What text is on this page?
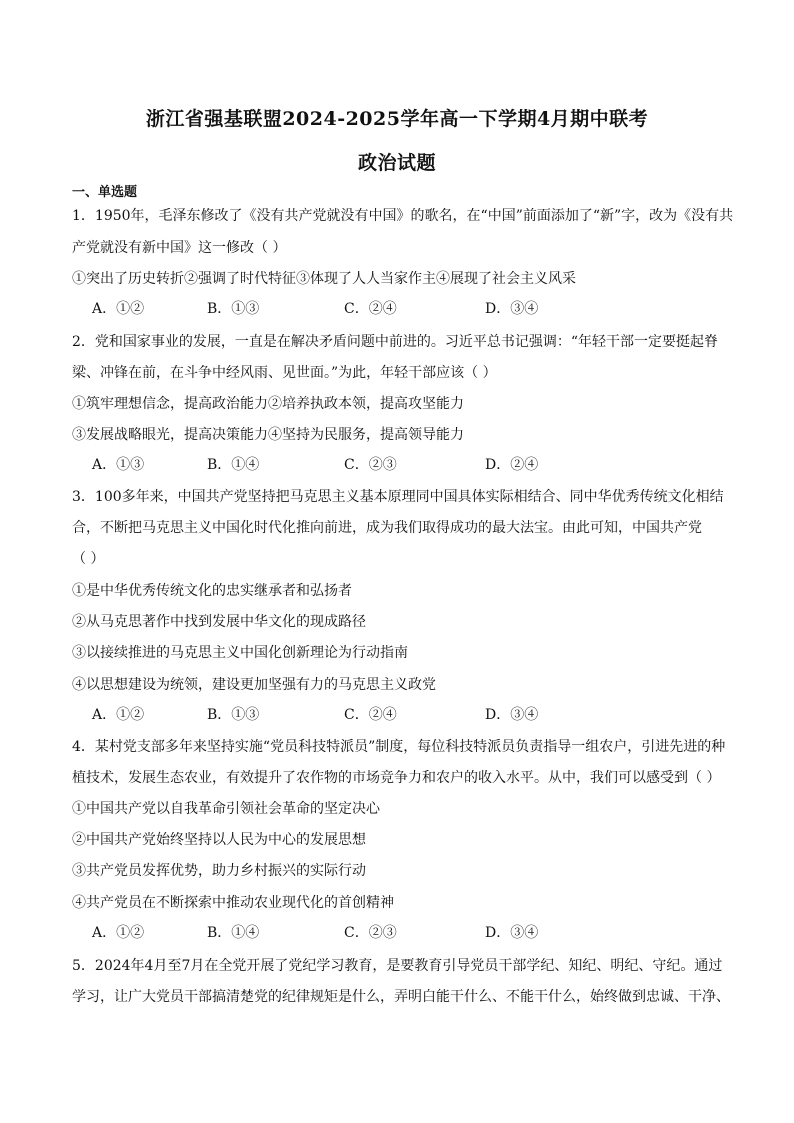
浙江省强基联盟2024-2025学年高一下学期4月期中联考
政治试题
一、单选题
1．1950年，毛泽东修改了《没有共产党就没有中国》的歌名，在“中国”前面添加了“新”字，改为《没有共
产党就没有新中国》这一修改（ ）
①突出了历史转折②强调了时代特征③体现了人人当家作主④展现了社会主义风采
A．①②	B．①③	C．②④	D．③④
2．党和国家事业的发展，一直是在解决矛盾问题中前进的。习近平总书记强调：“年轻干部一定要挺起脊
梁、冲锋在前，在斗争中经风雨、见世面。”为此，年轻干部应该（ ）
①筑牢理想信念，提高政治能力②培养执政本领，提高攻坚能力
③发展战略眼光，提高决策能力④坚持为民服务，提高领导能力
A．①③	B．①④	C．②③	D．②④
3．100多年来，中国共产党坚持把马克思主义基本原理同中国具体实际相结合、同中华优秀传统文化相结
合，不断把马克思主义中国化时代化推向前进，成为我们取得成功的最大法宝。由此可知，中国共产党
（ ）
①是中华优秀传统文化的忠实继承者和弘扬者
②从马克思著作中找到发展中华文化的现成路径
③以接续推进的马克思主义中国化创新理论为行动指南
④以思想建设为统领，建设更加坚强有力的马克思主义政党
A．①②	B．①③	C．②④	D．③④
4．某村党支部多年来坚持实施“党员科技特派员”制度，每位科技特派员负责指导一组农户，引进先进的种
植技术，发展生态农业，有效提升了农作物的市场竞争力和农户的收入水平。从中，我们可以感受到（ ）
①中国共产党以自我革命引领社会革命的坚定决心
②中国共产党始终坚持以人民为中心的发展思想
③共产党员发挥优势，助力乡村振兴的实际行动
④共产党员在不断探索中推动农业现代化的首创精神
A．①②	B．①④	C．②③	D．③④
5．2024年4月至7月在全党开展了党纪学习教育，是要教育引导党员干部学纪、知纪、明纪、守纪。通过
学习，让广大党员干部搞清楚党的纪律规矩是什么，弄明白能干什么、不能干什么，始终做到忠诚、干净、
